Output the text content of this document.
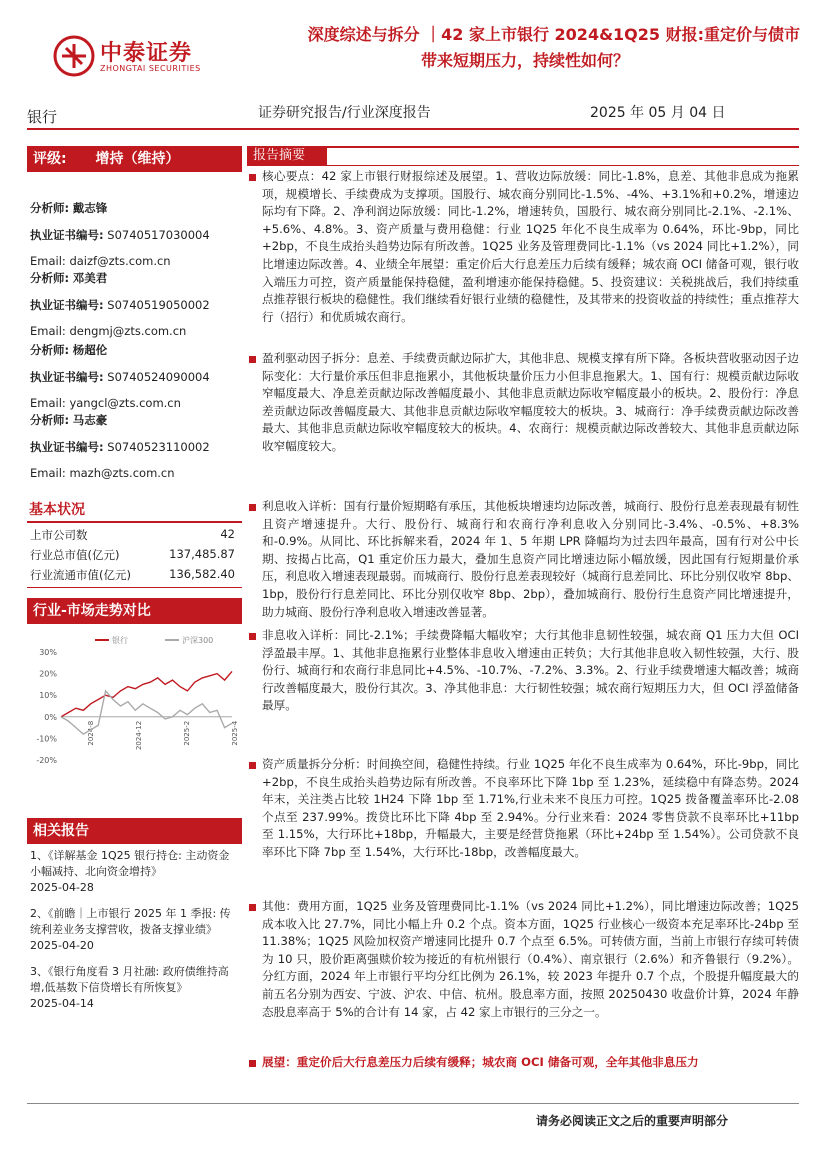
中泰证券
ZHONGTAI SECURITIES
深度综述与拆分 ｜42 家上市银行 2024&1Q25 财报:重定价与债市
带来短期压力，持续性如何？
银行	证券研究报告/行业深度报告	2025 年 05 月 04 日
评级: 增持（维持）
分析师: 戴志锋
执业证书编号: S0740517030004
Email: daizf@zts.com.cn
分析师: 邓美君
执业证书编号: S0740519050002
Email: dengmj@zts.com.cn
分析师: 杨超伦
执业证书编号: S0740524090004
Email: yangcl@zts.com.cn
分析师: 马志豪
执业证书编号: S0740523110002
Email: mazh@zts.com.cn
基本状况
上市公司数	42
行业总市值(亿元)	137,485.87
行业流通市值(亿元)	136,582.40
行业-市场走势对比
银行	沪深300
30%
20%
10%
0%
-10%
-20%
2024-8	2024-12	2025-2	2025-4
相关报告
1、《详解基金 1Q25 银行持仓: 主动资金小幅减持、北向资金增持》
2025-04-28
2、《前瞻｜上市银行 2025 年 1 季报: 传统利差业务支撑营收，拨备支撑业绩》
2025-04-20
3、《银行角度看 3 月社融: 政府债维持高增,低基数下信贷增长有所恢复》
2025-04-14
报告摘要
核心要点：42 家上市银行财报综述及展望。1、营收边际放缓：同比-1.8%，息差、其他非息成为拖累项，规模增长、手续费成为支撑项。国股行、城农商分别同比-1.5%、-4%、+3.1%和+0.2%，增速边际均有下降。2、净利润边际放缓：同比-1.2%，增速转负，国股行、城农商分别同比-2.1%、-2.1%、+5.6%、4.8%。3、资产质量与费用稳健：行业 1Q25 年化不良生成率为 0.64%，环比-9bp，同比+2bp，不良生成抬头趋势边际有所改善。1Q25 业务及管理费同比-1.1%（vs 2024 同比+1.2%），同比增速边际改善。4、业绩全年展望：重定价后大行息差压力后续有缓释；城农商 OCI 储备可观，银行收入端压力可控，资产质量能保持稳健，盈利增速亦能保持稳健。5、投资建议：关税挑战后，我们持续重点推荐银行板块的稳健性。我们继续看好银行业绩的稳健性，及其带来的投资收益的持续性；重点推荐大行（招行）和优质城农商行。
盈利驱动因子拆分：息差、手续费贡献边际扩大，其他非息、规模支撑有所下降。各板块营收驱动因子边际变化：大行量价承压但非息拖累小，其他板块量价压力小但非息拖累大。1、国有行：规模贡献边际收窄幅度最大、净息差贡献边际改善幅度最小、其他非息贡献边际收窄幅度最小的板块。2、股份行：净息差贡献边际改善幅度最大、其他非息贡献边际收窄幅度较大的板块。3、城商行：净手续费贡献边际改善最大、其他非息贡献边际收窄幅度较大的板块。4、农商行：规模贡献边际改善较大、其他非息贡献边际收窄幅度较大。
利息收入详析：国有行量价短期略有承压，其他板块增速均边际改善，城商行、股份行息差表现最有韧性且资产增速提升。大行、股份行、城商行和农商行净利息收入分别同比-3.4%、-0.5%、+8.3%和-0.9%。从同比、环比拆解来看，2024 年 1、5 年期 LPR 降幅均为过去四年最高，国有行对公中长期、按揭占比高，Q1 重定价压力最大，叠加生息资产同比增速边际小幅放缓，因此国有行短期量价承压，利息收入增速表现最弱。而城商行、股份行息差表现较好（城商行息差同比、环比分别仅收窄 8bp、1bp，股份行行息差同比、环比分别仅收窄 8bp、2bp），叠加城商行、股份行生息资产同比增速提升，助力城商、股份行净利息收入增速改善显著。
非息收入详析：同比-2.1%；手续费降幅大幅收窄；大行其他非息韧性较强，城农商 Q1 压力大但 OCI 浮盈最丰厚。1、其他非息拖累行业整体非息收入增速由正转负；大行其他非息收入韧性较强，大行、股份行、城商行和农商行非息同比+4.5%、-10.7%、-7.2%、3.3%。2、行业手续费增速大幅改善；城商行改善幅度最大，股份行其次。3、净其他非息：大行韧性较强；城农商行短期压力大，但 OCI 浮盈储备最厚。
资产质量拆分分析：时间换空间，稳健性持续。行业 1Q25 年化不良生成率为 0.64%，环比-9bp，同比+2bp，不良生成抬头趋势边际有所改善。不良率环比下降 1bp 至 1.23%，延续稳中有降态势。2024 年末，关注类占比较 1H24 下降 1bp 至 1.71%,行业未来不良压力可控。1Q25 拨备覆盖率环比-2.08 个点至 237.99%。拨贷比环比下降 4bp 至 2.94%。分行业来看：2024 零售贷款不良率环比+11bp 至 1.15%，大行环比+18bp，升幅最大，主要是经营贷拖累（环比+24bp 至 1.54%）。公司贷款不良率环比下降 7bp 至 1.54%，大行环比-18bp，改善幅度最大。
其他：费用方面，1Q25 业务及管理费同比-1.1%（vs 2024 同比+1.2%），同比增速边际改善；1Q25 成本收入比 27.7%，同比小幅上升 0.2 个点。资本方面，1Q25 行业核心一级资本充足率环比-24bp 至 11.38%；1Q25 风险加权资产增速同比提升 0.7 个点至 6.5%。可转债方面，当前上市银行存续可转债为 10 只，股价距离强赎价较为接近的有杭州银行（0.4%）、南京银行（2.6%）和齐鲁银行（9.2%）。分红方面，2024 年上市银行平均分红比例为 26.1%，较 2023 年提升 0.7 个点，个股提升幅度最大的前五名分别为西安、宁波、沪农、中信、杭州。股息率方面，按照 20250430 收盘价计算，2024 年静态股息率高于 5%的合计有 14 家，占 42 家上市银行的三分之一。
展望：重定价后大行息差压力后续有缓释；城农商 OCI 储备可观，全年其他非息压力
请务必阅读正文之后的重要声明部分
